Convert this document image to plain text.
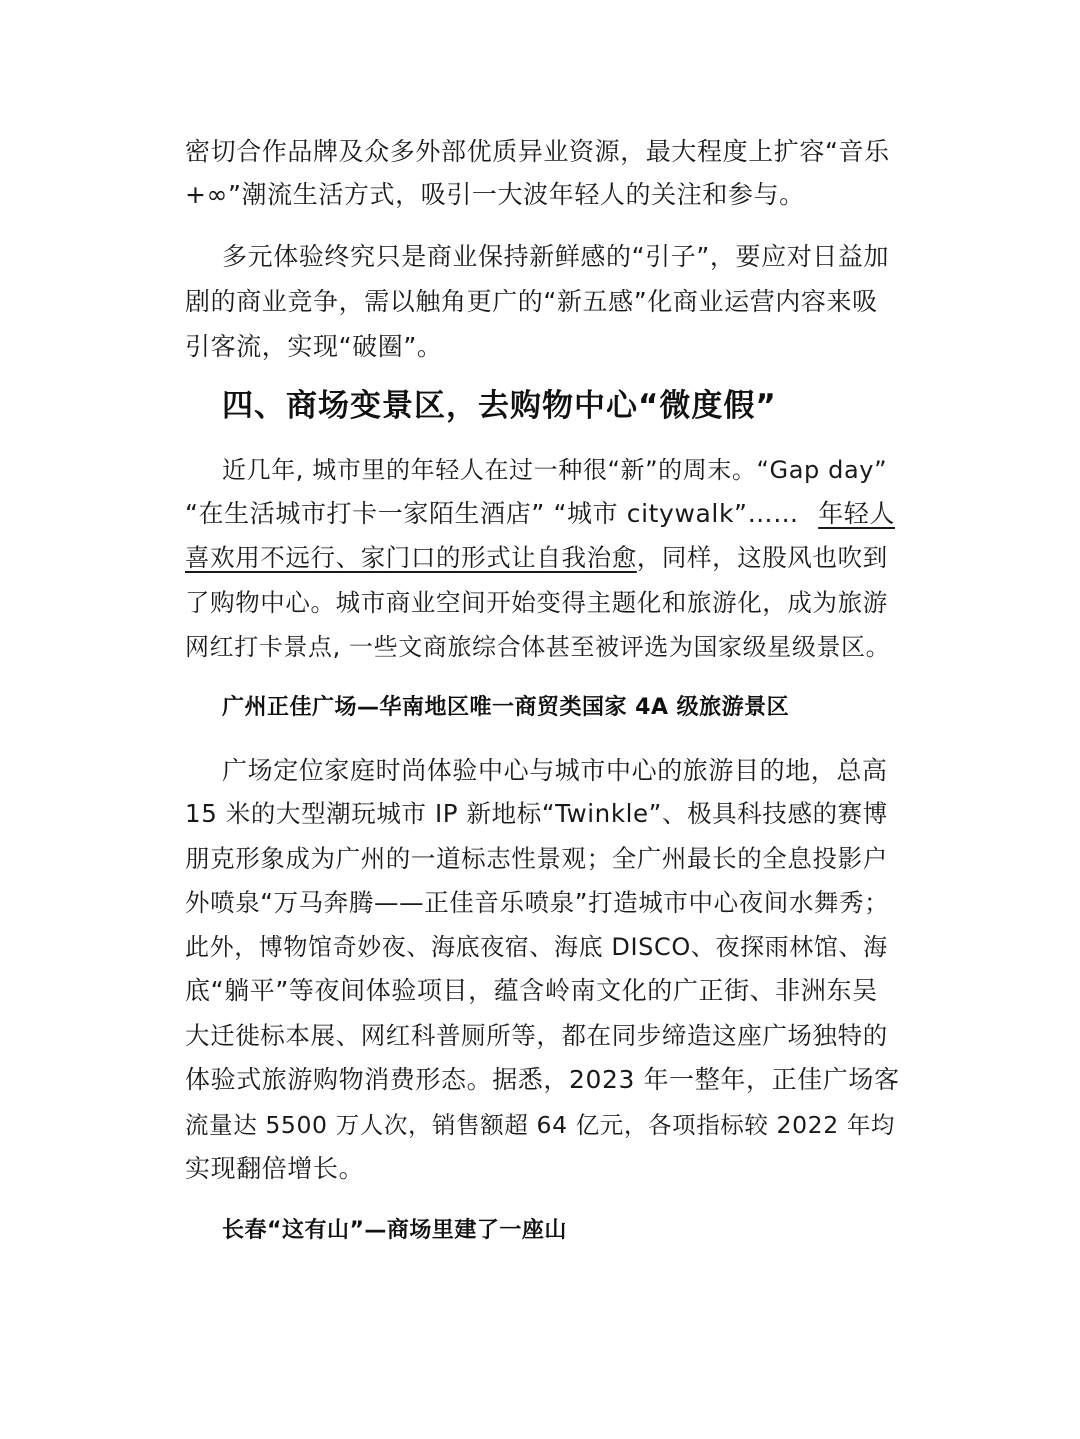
密切合作品牌及众多外部优质异业资源，最大程度上扩容“音乐
+∞”潮流生活方式，吸引一大波年轻人的关注和参与。
多元体验终究只是商业保持新鲜感的“引子”，要应对日益加
剧的商业竞争，需以触角更广的“新五感”化商业运营内容来吸
引客流，实现“破圈”。
四、商场变景区，去购物中心“微度假”
近几年, 城市里的年轻人在过一种很“新”的周末。“Gap day”
“在生活城市打卡一家陌生酒店” “城市 citywalk”…… 年轻人
喜欢用不远行、家门口的形式让自我治愈，同样，这股风也吹到
了购物中心。城市商业空间开始变得主题化和旅游化，成为旅游
网红打卡景点, 一些文商旅综合体甚至被评选为国家级星级景区。
广州正佳广场—华南地区唯一商贸类国家 4A 级旅游景区
广场定位家庭时尚体验中心与城市中心的旅游目的地，总高
15 米的大型潮玩城市 IP 新地标“Twinkle”、极具科技感的赛博
朋克形象成为广州的一道标志性景观；全广州最长的全息投影户
外喷泉“万马奔腾——正佳音乐喷泉”打造城市中心夜间水舞秀；
此外，博物馆奇妙夜、海底夜宿、海底 DISCO、夜探雨林馆、海
底“躺平”等夜间体验项目，蕴含岭南文化的广正街、非洲东吴
大迁徙标本展、网红科普厕所等，都在同步缔造这座广场独特的
体验式旅游购物消费形态。据悉，2023 年一整年，正佳广场客
流量达 5500 万人次，销售额超 64 亿元，各项指标较 2022 年均
实现翻倍增长。
长春“这有山”—商场里建了一座山
